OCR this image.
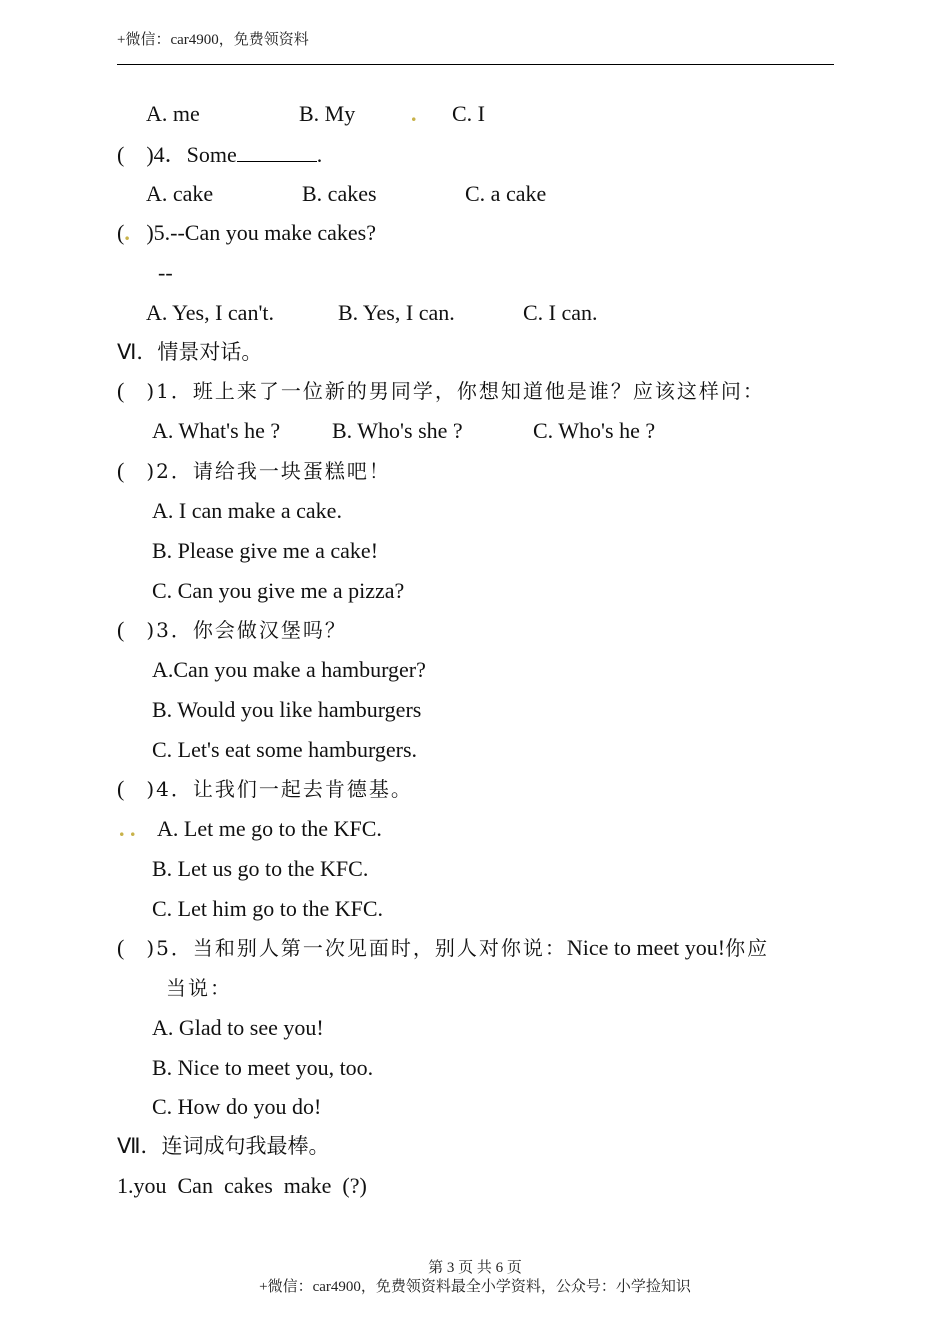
+微信：car4900，免费领资料
A. me	B. My	. C. I
( )4．Some	.
A. cake	B. cakes	C. a cake
(. )5.--Can you make cakes?
--
A. Yes, I can't.	B. Yes, I can.	C. I can.
Ⅵ．情景对话。
( )1．班上来了一位新的男同学，你想知道他是谁？应该这样问：
A. What's he ? B. Who's she ?	C. Who's he ?
( )2．请给我一块蛋糕吧！
A. I can make a cake.
B. Please give me a cake!
C. Can you give me a pizza?
( )3．你会做汉堡吗？
A.Can you make a hamburger?
B. Would you like hamburgers
C. Let's eat some hamburgers.
( )4．让我们一起去肯德基。
. . A. Let me go to the KFC.
B. Let us go to the KFC.
C. Let him go to the KFC.
( )5．当和别人第一次见面时，别人对你说：Nice to meet you!你应
当说：
A. Glad to see you!
B. Nice to meet you, too.
C. How do you do!
Ⅶ．连词成句我最棒。
1.you  Can  cakes  make  (?)
第 3 页 共 6 页
+微信：car4900，免费领资料最全小学资料，公众号：小学捡知识
